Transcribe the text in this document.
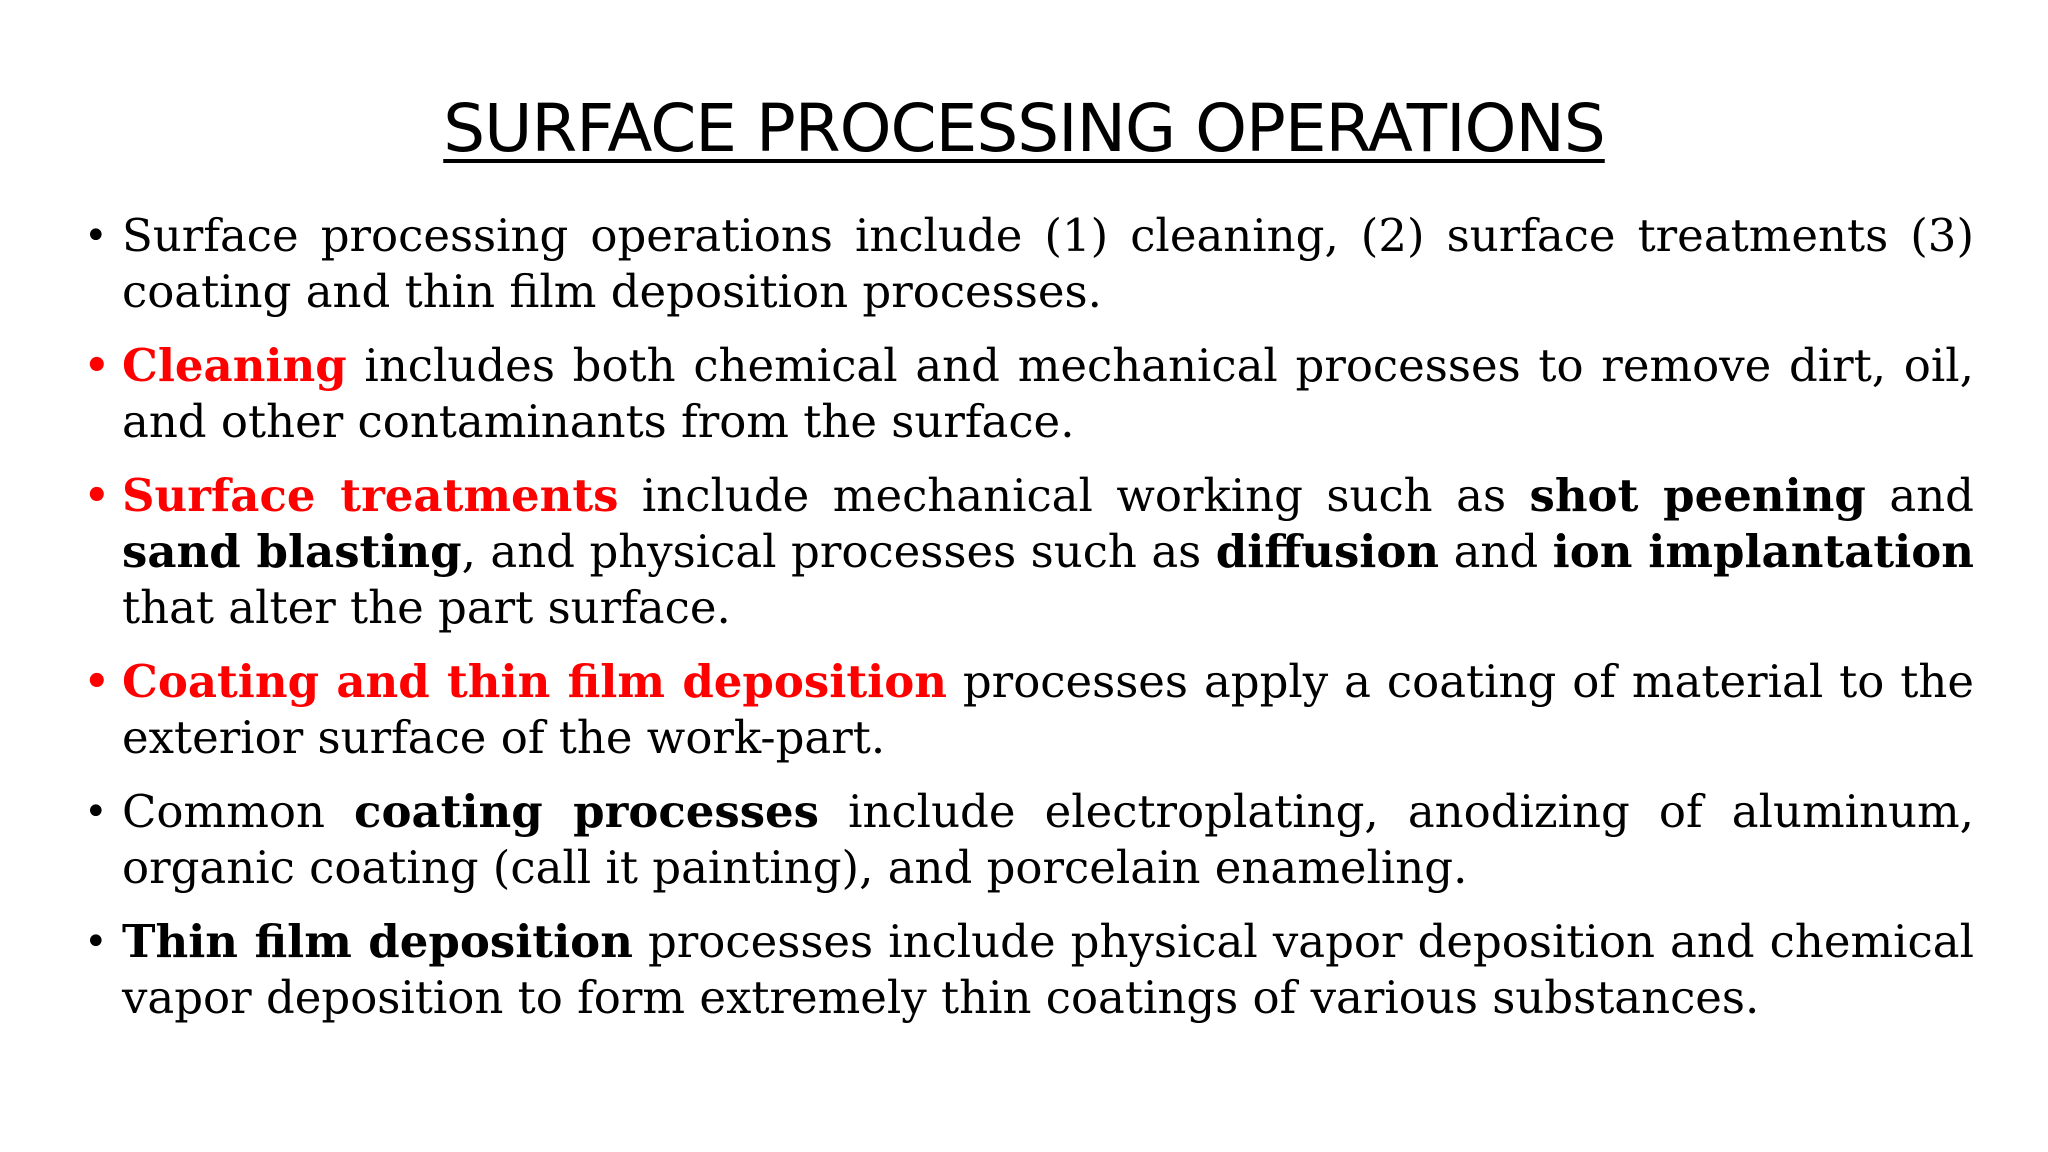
SURFACE PROCESSING OPERATIONS
• Surface processing operations include (1) cleaning, (2) surface treatments (3) coating and thin film deposition processes.
• Cleaning includes both chemical and mechanical processes to remove dirt, oil, and other contaminants from the surface.
• Surface treatments include mechanical working such as shot peening and sand blasting, and physical processes such as diffusion and ion implantation that alter the part surface.
• Coating and thin film deposition processes apply a coating of material to the exterior surface of the work-part.
• Common coating processes include electroplating, anodizing of aluminum, organic coating (call it painting), and porcelain enameling.
• Thin film deposition processes include physical vapor deposition and chemical vapor deposition to form extremely thin coatings of various substances.
